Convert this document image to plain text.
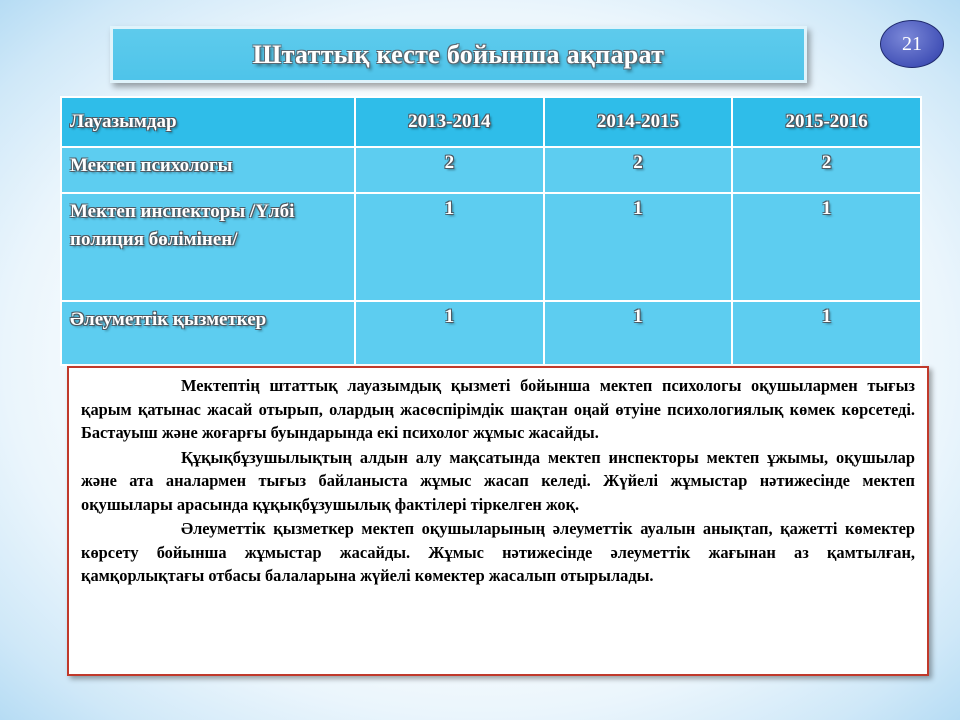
Штаттық кесте бойынша ақпарат	21
Лауазымдар	2013-2014	2014-2015	2015-2016
Мектеп психологы	2	2	2
Мектеп инспекторы /Үлбі полиция бөлімінен/	1	1	1
Әлеуметтік қызметкер	1	1	1

Мектептің штаттық лауазымдық қызметі бойынша мектеп психологы оқушылармен тығыз қарым қатынас жасай отырып, олардың жасөспірімдік шақтан оңай өтуіне психологиялық көмек көрсетеді. Бастауыш және жоғарғы буындарында екі психолог жұмыс жасайды.

Құқықбұзушылықтың алдын алу мақсатында мектеп инспекторы мектеп ұжымы, оқушылар және ата аналармен тығыз байланыста жұмыс жасап келеді. Жүйелі жұмыстар нәтижесінде мектеп оқушылары арасында құқықбұзушылық фактілері тіркелген жоқ.

Әлеуметтік қызметкер мектеп оқушыларының әлеуметтік ауалын анықтап, қажетті көмектер көрсету бойынша жұмыстар жасайды. Жұмыс нәтижесінде әлеуметтік жағынан аз қамтылған, қамқорлықтағы отбасы балаларына жүйелі көмектер жасалып отырылады.
